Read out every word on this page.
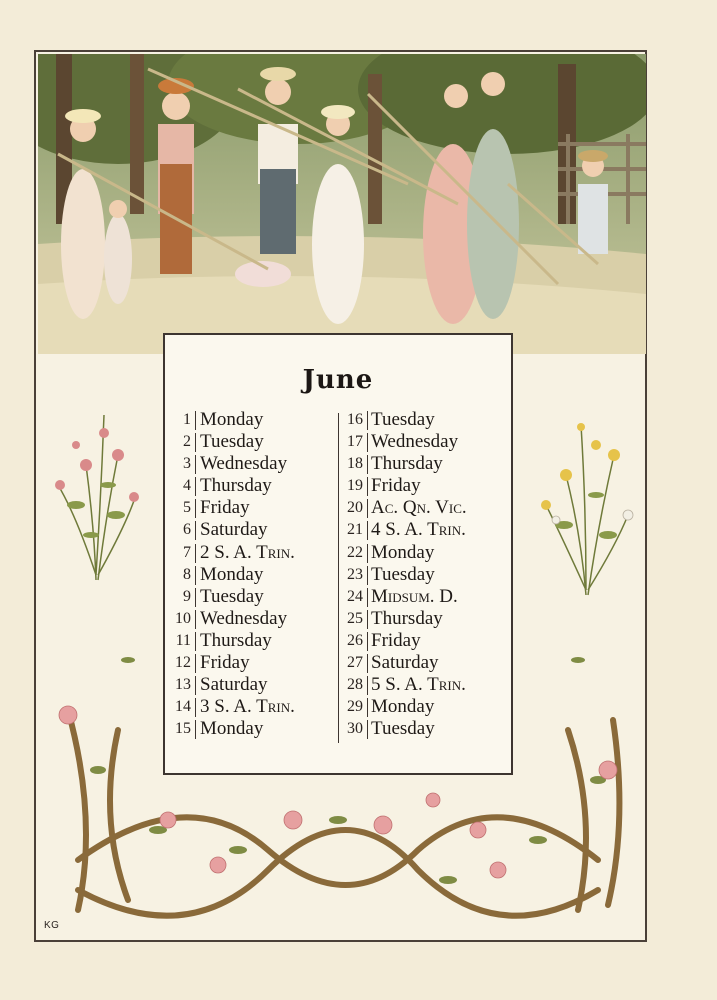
June
1 Monday
2 Tuesday
3 Wednesday
4 Thursday
5 Friday
6 Saturday
7 2 S. A. Trin.
8 Monday
9 Tuesday
10 Wednesday
11 Thursday
12 Friday
13 Saturday
14 3 S. A. Trin.
15 Monday
16 Tuesday
17 Wednesday
18 Thursday
19 Friday
20 Ac. Qn. Vic.
21 4 S. A. Trin.
22 Monday
23 Tuesday
24 Midsum. D.
25 Thursday
26 Friday
27 Saturday
28 5 S. A. Trin.
29 Monday
30 Tuesday
KG
